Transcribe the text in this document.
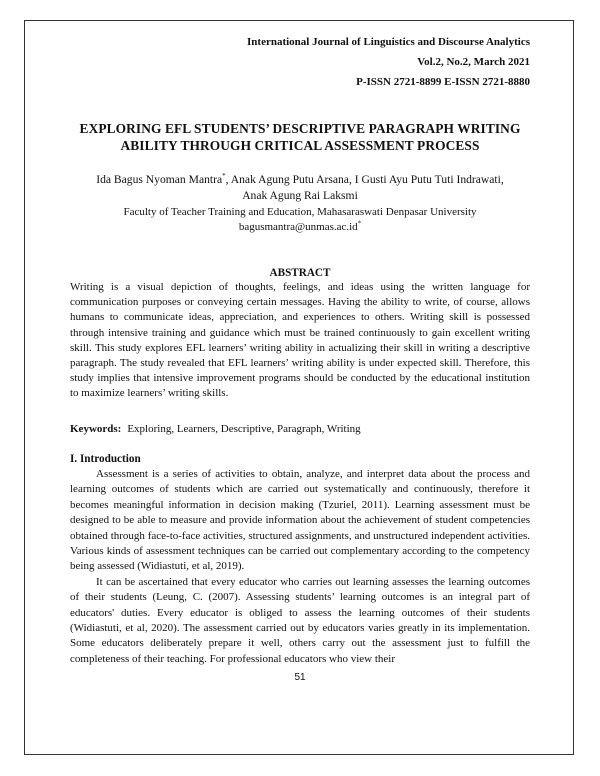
International Journal of Linguistics and Discourse Analytics
Vol.2, No.2, March 2021
P-ISSN 2721-8899 E-ISSN 2721-8880
EXPLORING EFL STUDENTS’ DESCRIPTIVE PARAGRAPH WRITING
ABILITY THROUGH CRITICAL ASSESSMENT PROCESS
Ida Bagus Nyoman Mantra*, Anak Agung Putu Arsana, I Gusti Ayu Putu Tuti Indrawati,
Anak Agung Rai Laksmi
Faculty of Teacher Training and Education, Mahasaraswati Denpasar University
bagusmantra@unmas.ac.id*
ABSTRACT
Writing is a visual depiction of thoughts, feelings, and ideas using the written language for communication purposes or conveying certain messages. Having the ability to write, of course, allows humans to communicate ideas, appreciation, and experiences to others. Writing skill is possessed through intensive training and guidance which must be trained continuously to gain excellent writing skill. This study explores EFL learners’ writing ability in actualizing their skill in writing a descriptive paragraph. The study revealed that EFL learners’ writing ability is under expected skill. Therefore, this study implies that intensive improvement programs should be conducted by the educational institution to maximize learners’ writing skills.
Keywords: Exploring, Learners, Descriptive, Paragraph, Writing
I. Introduction

Assessment is a series of activities to obtain, analyze, and interpret data about the process and learning outcomes of students which are carried out systematically and continuously, therefore it becomes meaningful information in decision making (Tzuriel, 2011). Learning assessment must be designed to be able to measure and provide information about the achievement of student competencies obtained through face-to-face activities, structured assignments, and unstructured independent activities. Various kinds of assessment techniques can be carried out complementary according to the competency being assessed (Widiastuti, et al, 2019).

It can be ascertained that every educator who carries out learning assesses the learning outcomes of their students (Leung, C. (2007). Assessing students’ learning outcomes is an integral part of educators' duties. Every educator is obliged to assess the learning outcomes of their students (Widiastuti, et al, 2020). The assessment carried out by educators varies greatly in its implementation. Some educators deliberately prepare it well, others carry out the assessment just to fulfill the completeness of their teaching. For professional educators who view their

51
